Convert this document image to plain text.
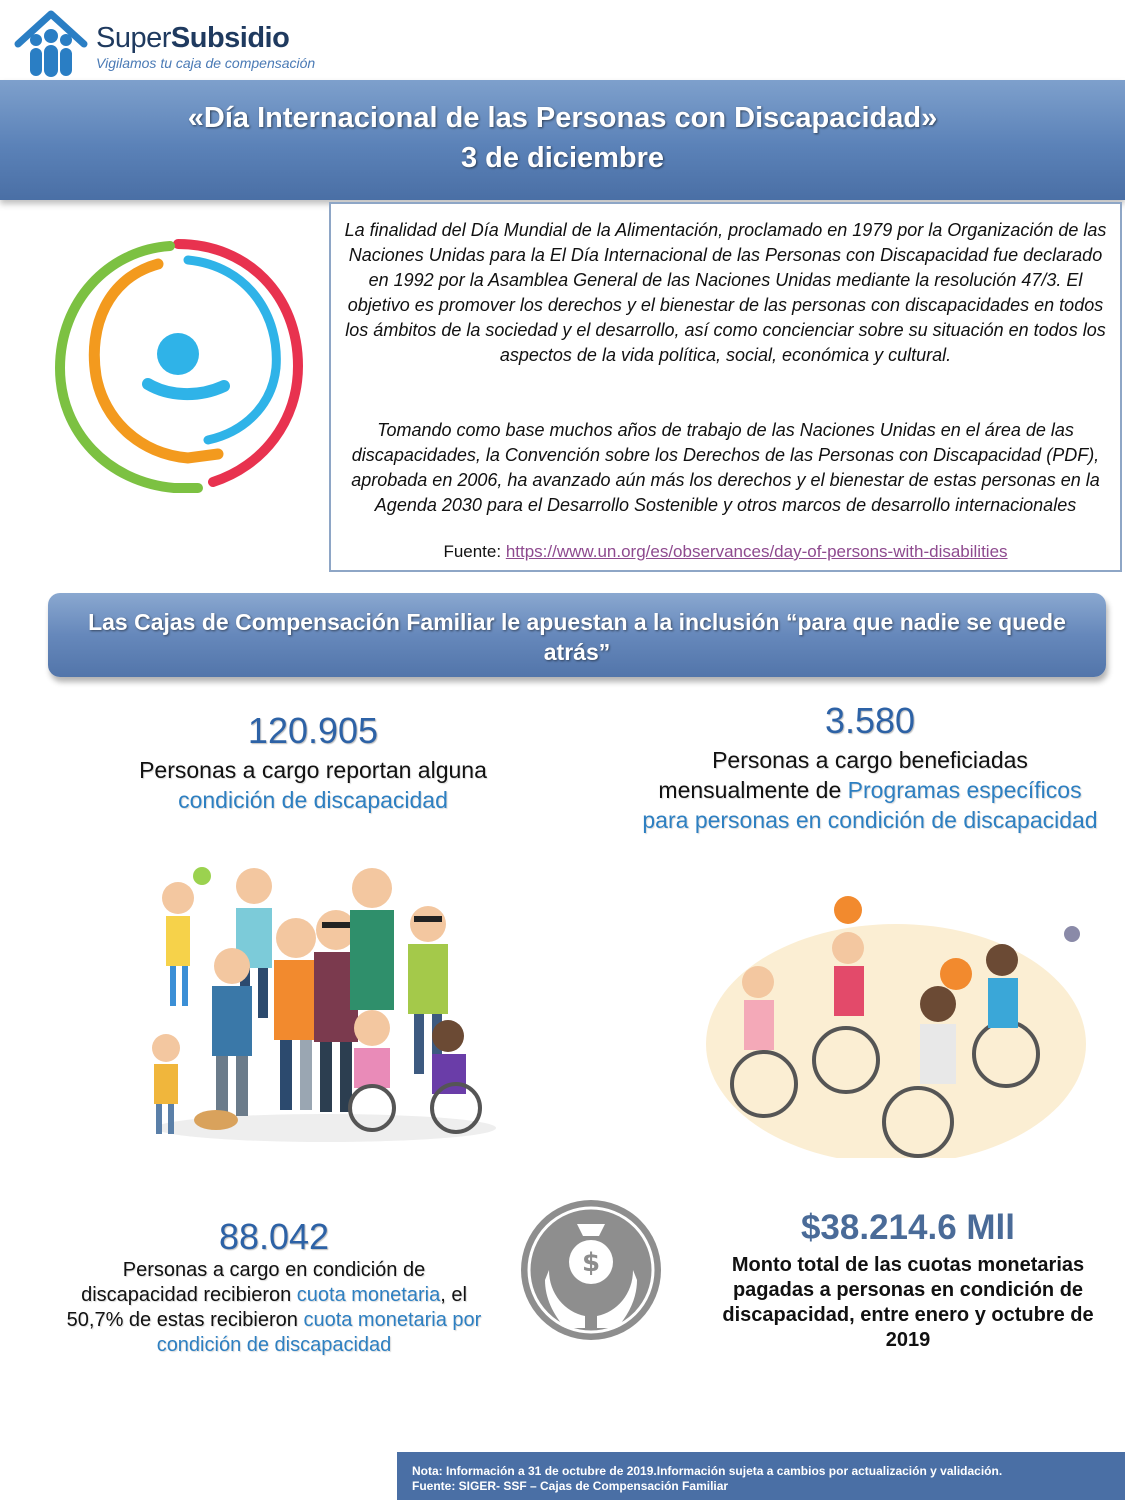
SuperSubsidio
Vigilamos tu caja de compensación
«Día Internacional de las Personas con Discapacidad»
3 de diciembre

La finalidad del Día Mundial de la Alimentación, proclamado en 1979 por la Organización de las Naciones Unidas para la El Día Internacional de las Personas con Discapacidad fue declarado en 1992 por la Asamblea General de las Naciones Unidas mediante la resolución 47/3. El objetivo es promover los derechos y el bienestar de las personas con discapacidades en todos los ámbitos de la sociedad y el desarrollo, así como concienciar sobre su situación en todos los aspectos de la vida política, social, económica y cultural.

Tomando como base muchos años de trabajo de las Naciones Unidas en el área de las discapacidades, la Convención sobre los Derechos de las Personas con Discapacidad (PDF), aprobada en 2006, ha avanzado aún más los derechos y el bienestar de estas personas en la Agenda 2030 para el Desarrollo Sostenible y otros marcos de desarrollo internacionales

Fuente: https://www.un.org/es/observances/day-of-persons-with-disabilities
Las Cajas de Compensación Familiar le apuestan a la inclusión “para que nadie se quede atrás”
120.905
Personas a cargo reportan alguna
condición de discapacidad
3.580
Personas a cargo beneficiadas mensualmente de Programas específicos para personas en condición de discapacidad
88.042
Personas a cargo en condición de discapacidad recibieron cuota monetaria, el 50,7% de estas recibieron cuota monetaria por condición de discapacidad
$
$38.214.6 Mll
Monto total de las cuotas monetarias pagadas a personas en condición de discapacidad, entre enero y octubre de 2019
Nota: Información a 31 de octubre de 2019.Información sujeta a cambios por actualización y validación.
Fuente: SIGER- SSF – Cajas de Compensación Familiar
